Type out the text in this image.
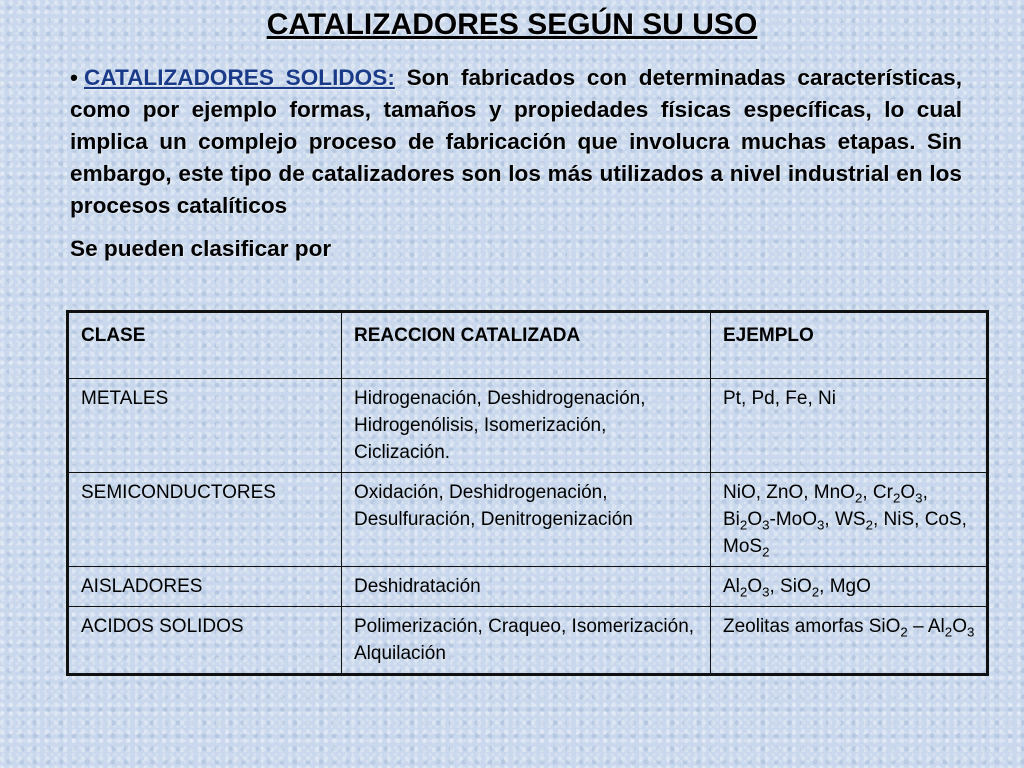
CATALIZADORES SEGÚN SU USO
• CATALIZADORES SOLIDOS: Son fabricados con determinadas características, como por ejemplo formas, tamaños y propiedades físicas específicas, lo cual implica un complejo proceso de fabricación que involucra muchas etapas. Sin embargo, este tipo de catalizadores son los más utilizados a nivel industrial en los procesos catalíticos
Se pueden clasificar por
CLASE	REACCION CATALIZADA	EJEMPLO
METALES	Hidrogenación, Deshidrogenación, Hidrogenólisis, Isomerización, Ciclización.	Pt, Pd, Fe, Ni
SEMICONDUCTORES	Oxidación, Deshidrogenación, Desulfuración, Denitrogenización	NiO, ZnO, MnO$_2$, $Cr_2O_3$, $Bi_2O_3-MoO_3$, $WS_2$, NiS, CoS, MoS$_2$
AISLADORES	Deshidratación	$Al_2O_3$, SiO$_2$, MgO
ACIDOS SOLIDOS	Polimerización, Craqueo, Isomerización, Alquilación	Zeolitas amorfas $SiO_2 - Al_2O_3$
